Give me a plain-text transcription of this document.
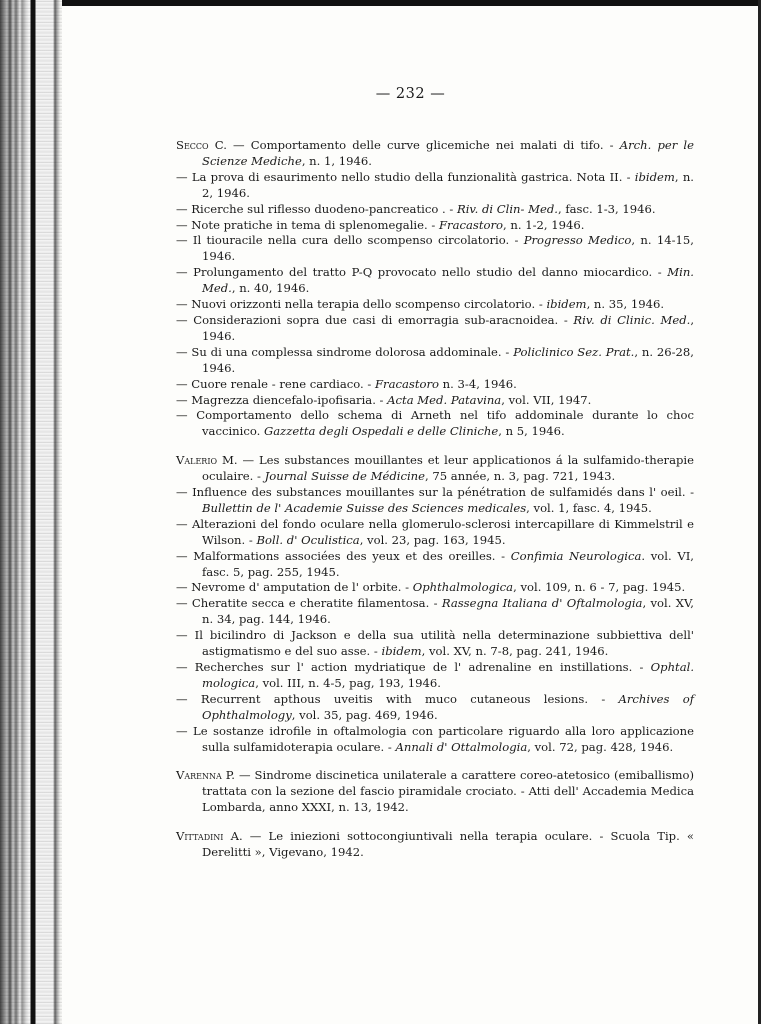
— 232 —

Secco C. — Comportamento delle curve glicemiche nei malati di tifo. - Arch. per le Scienze Mediche, n. 1, 1946.

— La prova di esaurimento nello studio della funzionalità gastrica. Nota II. - ibidem, n. 2, 1946.

— Ricerche sul riflesso duodeno-pancreatico . - Riv. di Clin- Med., fasc. 1-3, 1946.

— Note pratiche in tema di splenomegalie. - Fracastoro, n. 1-2, 1946.

— Il tiouracile nella cura dello scompenso circolatorio. - Progresso Medico, n. 14-15, 1946.

— Prolungamento del tratto P-Q provocato nello studio del danno miocardico. - Min. Med., n. 40, 1946.

— Nuovi orizzonti nella terapia dello scompenso circolatorio. - ibidem, n. 35, 1946.

— Considerazioni sopra due casi di emorragia sub-aracnoidea. - Riv. di Clinic. Med., 1946.

— Su di una complessa sindrome dolorosa addominale. - Policlinico Sez. Prat., n. 26-28, 1946.

— Cuore renale - rene cardiaco. - Fracastoro n. 3-4, 1946.

— Magrezza diencefalo-ipofisaria. - Acta Med. Patavina, vol. VII, 1947.

— Comportamento dello schema di Arneth nel tifo addominale durante lo choc vaccinico. Gazzetta degli Ospedali e delle Cliniche, n 5, 1946.

Valerio M. — Les substances mouillantes et leur applicationos á la sulfamido-therapie oculaire. - Journal Suisse de Médicine, 75 année, n. 3, pag. 721, 1943.

— Influence des substances mouillantes sur la pénétration de sulfamidés dans l' oeil. - Bullettin de l' Academie Suisse des Sciences medicales, vol. 1, fasc. 4, 1945.

— Alterazioni del fondo oculare nella glomerulo-sclerosi intercapillare di Kimmelstril e Wilson. - Boll. d' Oculistica, vol. 23, pag. 163, 1945.

— Malformations associées des yeux et des oreilles. - Confimia Neurologica. vol. VI, fasc. 5, pag. 255, 1945.

— Nevrome d' amputation de l' orbite. - Ophthalmologica, vol. 109, n. 6 - 7, pag. 1945.

— Cheratite secca e cheratite filamentosa. - Rassegna Italiana d' Oftalmologia, vol. XV, n. 34, pag. 144, 1946.

— Il bicilindro di Jackson e della sua utilità nella determinazione subbiettiva dell' astigmatismo e del suo asse. - ibidem, vol. XV, n. 7-8, pag. 241, 1946.

— Recherches sur l' action mydriatique de l' adrenaline en instillations. - Ophtal. mologica, vol. III, n. 4-5, pag, 193, 1946.

— Recurrent apthous uveitis with muco cutaneous lesions. - Archives of Ophthalmology, vol. 35, pag. 469, 1946.

— Le sostanze idrofile in oftalmologia con particolare riguardo alla loro applicazione sulla sulfamidoterapia oculare. - Annali d' Ottalmologia, vol. 72, pag. 428, 1946.

Varenna P. — Sindrome discinetica unilaterale a carattere coreo-atetosico (emiballismo) trattata con la sezione del fascio piramidale crociato. - Atti dell' Accademia Medica Lombarda, anno XXXI, n. 13, 1942.

Vittadini A. — Le iniezioni sottocongiuntivali nella terapia oculare. - Scuola Tip. « Derelitti », Vigevano, 1942.
